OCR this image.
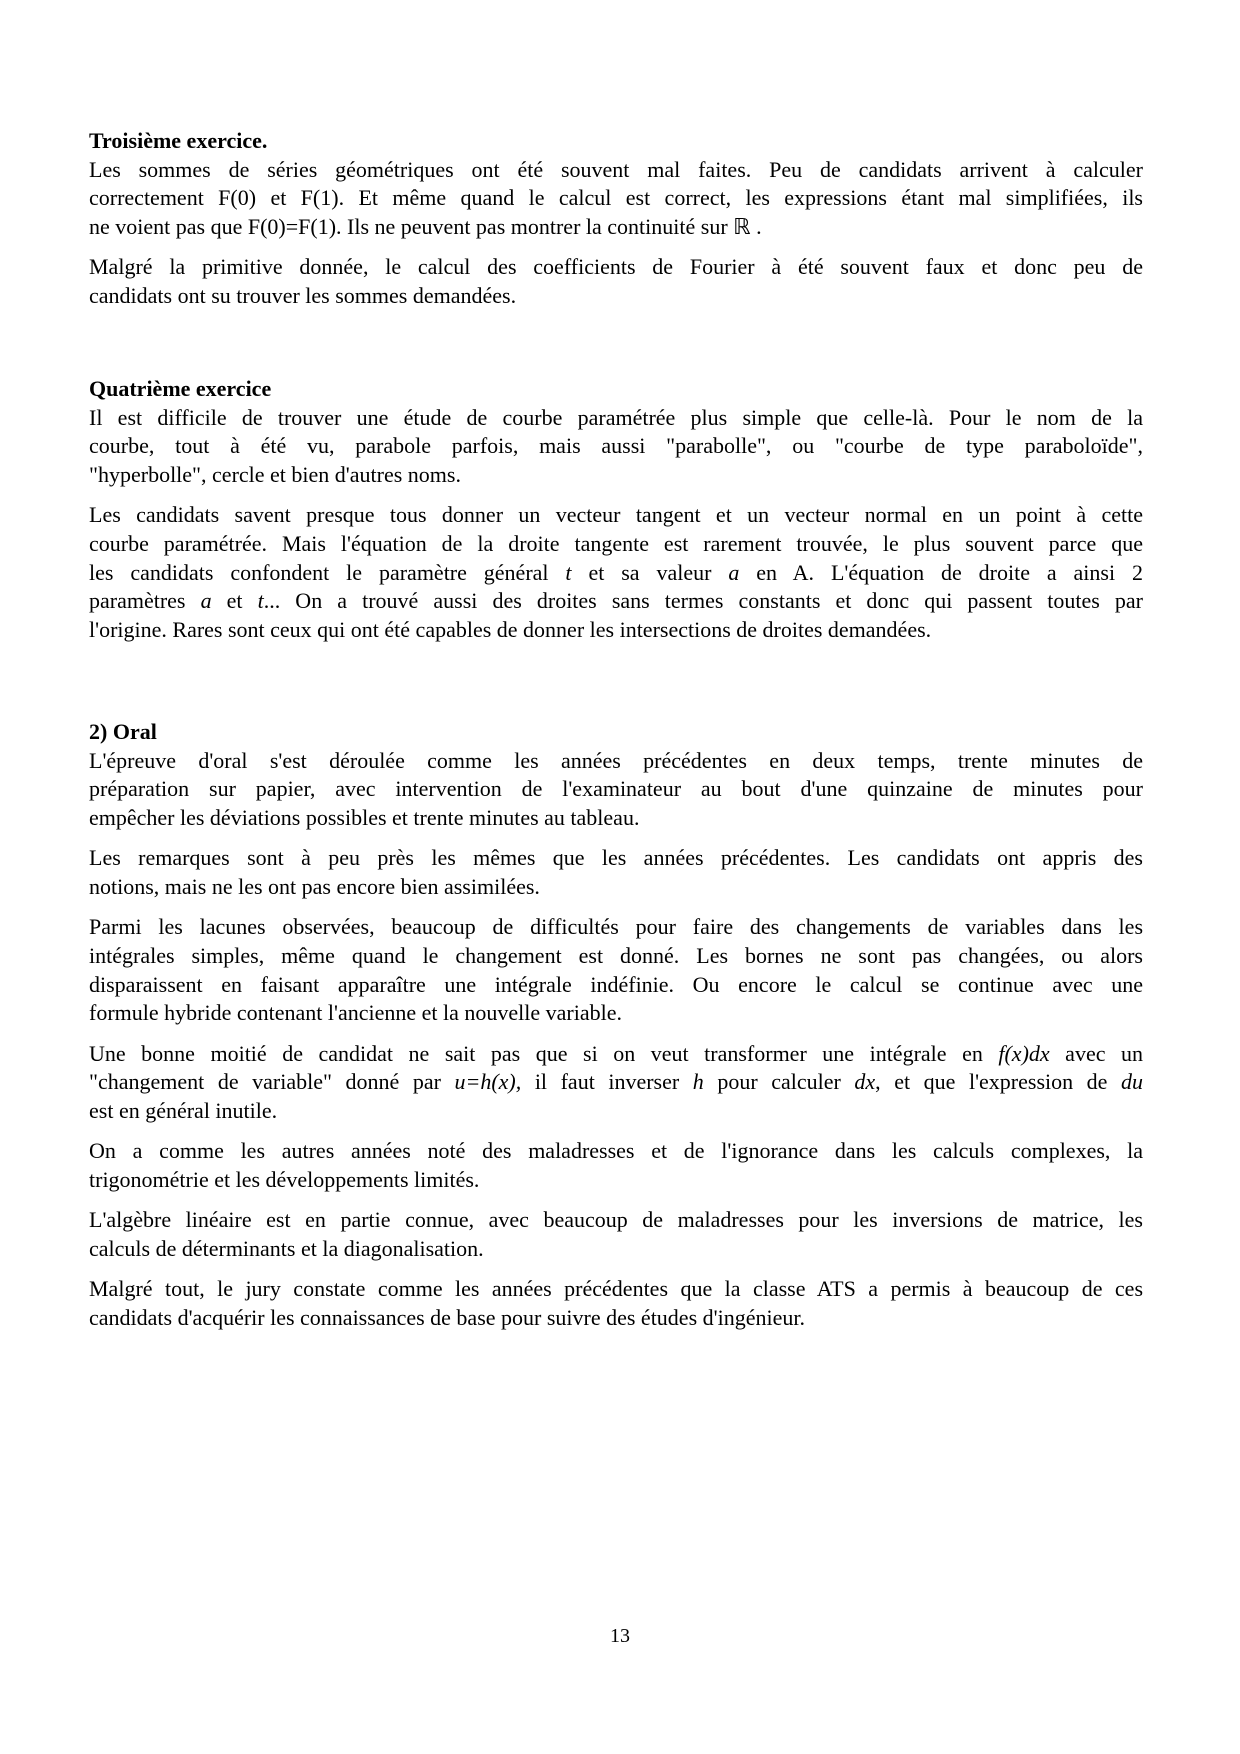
Troisième exercice.
Les sommes de séries géométriques ont été souvent mal faites. Peu de candidats arrivent à calculer
correctement F(0) et F(1). Et même quand le calcul est correct, les expressions étant mal simplifiées, ils
ne voient pas que F(0)=F(1). Ils ne peuvent pas montrer la continuité sur ℝ .
Malgré la primitive donnée, le calcul des coefficients de Fourier à été souvent faux et donc peu de
candidats ont su trouver les sommes demandées.
Quatrième exercice
Il est difficile de trouver une étude de courbe paramétrée plus simple que celle-là. Pour le nom de la
courbe, tout à été vu, parabole parfois, mais aussi "parabolle", ou "courbe de type paraboloïde",
"hyperbolle", cercle et bien d'autres noms.
Les candidats savent presque tous donner un vecteur tangent et un vecteur normal en un point à cette
courbe paramétrée. Mais l'équation de la droite tangente est rarement trouvée, le plus souvent parce que
les candidats confondent le paramètre général t et sa valeur a en A. L'équation de droite a ainsi 2
paramètres a et t... On a trouvé aussi des droites sans termes constants et donc qui passent toutes par
l'origine. Rares sont ceux qui ont été capables de donner les intersections de droites demandées.
2) Oral
L'épreuve d'oral s'est déroulée comme les années précédentes en deux temps, trente minutes de
préparation sur papier, avec intervention de l'examinateur au bout d'une quinzaine de minutes pour
empêcher les déviations possibles et trente minutes au tableau.
Les remarques sont à peu près les mêmes que les années précédentes. Les candidats ont appris des
notions, mais ne les ont pas encore bien assimilées.
Parmi les lacunes observées, beaucoup de difficultés pour faire des changements de variables dans les
intégrales simples, même quand le changement est donné. Les bornes ne sont pas changées, ou alors
disparaissent en faisant apparaître une intégrale indéfinie. Ou encore le calcul se continue avec une
formule hybride contenant l'ancienne et la nouvelle variable.
Une bonne moitié de candidat ne sait pas que si on veut transformer une intégrale en f(x)dx avec un
"changement de variable" donné par u=h(x), il faut inverser h pour calculer dx, et que l'expression de du
est en général inutile.
On a comme les autres années noté des maladresses et de l'ignorance dans les calculs complexes, la
trigonométrie et les développements limités.
L'algèbre linéaire est en partie connue, avec beaucoup de maladresses pour les inversions de matrice, les
calculs de déterminants et la diagonalisation.
Malgré tout, le jury constate comme les années précédentes que la classe ATS a permis à beaucoup de ces
candidats d'acquérir les connaissances de base pour suivre des études d'ingénieur.
13
